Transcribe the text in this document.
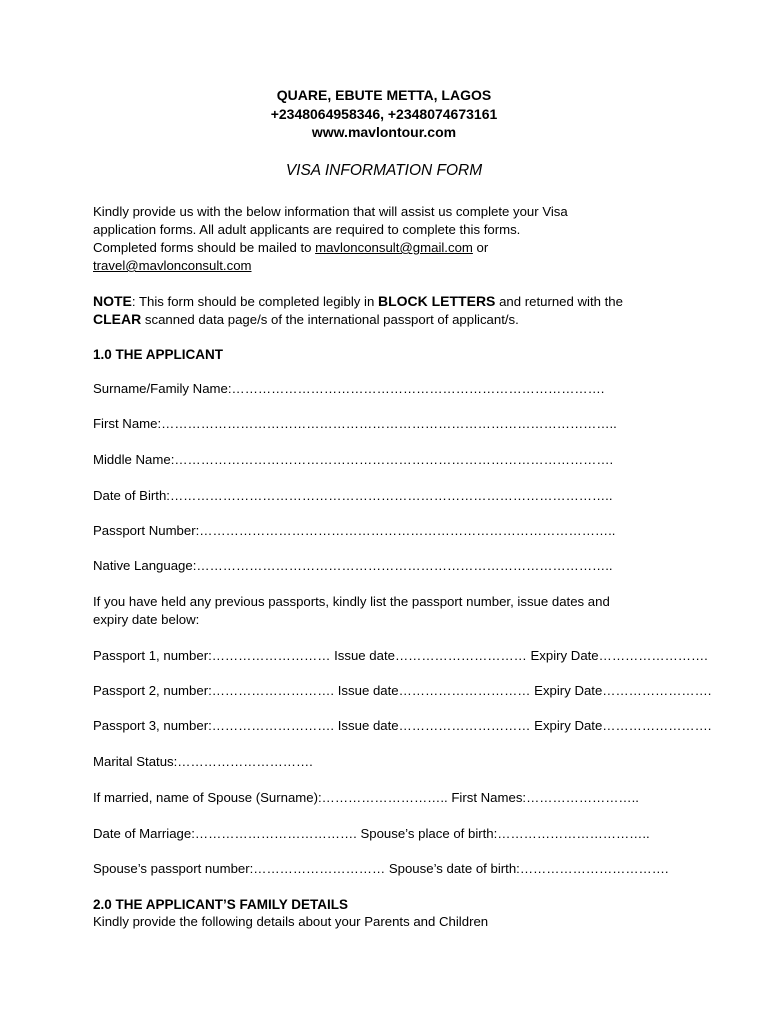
QUARE, EBUTE METTA, LAGOS
+2348064958346, +2348074673161
www.mavlontour.com
VISA INFORMATION FORM
Kindly provide us with the below information that will assist us complete your Visa
application forms. All adult applicants are required to complete this forms.
Completed forms should be mailed to mavlonconsult@gmail.com or
travel@mavlonconsult.com
NOTE: This form should be completed legibly in BLOCK LETTERS and returned with the
CLEAR scanned data page/s of the international passport of applicant/s.
1.0 THE APPLICANT
Surname/Family Name:………………………………………………………………………….
First Name:…………………………………………………………………………………………..
Middle Name:……………………………………………………………………………………….
Date of Birth:………………………………………………………………………………………..
Passport Number:…………………………………………………………………………………..
Native Language:…………………………………………………………………………………..
If you have held any previous passports, kindly list the passport number, issue dates and
expiry date below:
Passport 1, number:……………………… Issue date………………………… Expiry Date…………………….
Passport 2, number:………………………. Issue date………………………… Expiry Date…………………….
Passport 3, number:………………………. Issue date………………………… Expiry Date…………………….
Marital Status:………………………….
If married, name of Spouse (Surname):……………………….. First Names:……………………..
Date of Marriage:………………………………. Spouse’s place of birth:……………………………..
Spouse’s passport number:………………………… Spouse’s date of birth:…………………………….
2.0 THE APPLICANT’S FAMILY DETAILS
Kindly provide the following details about your Parents and Children
